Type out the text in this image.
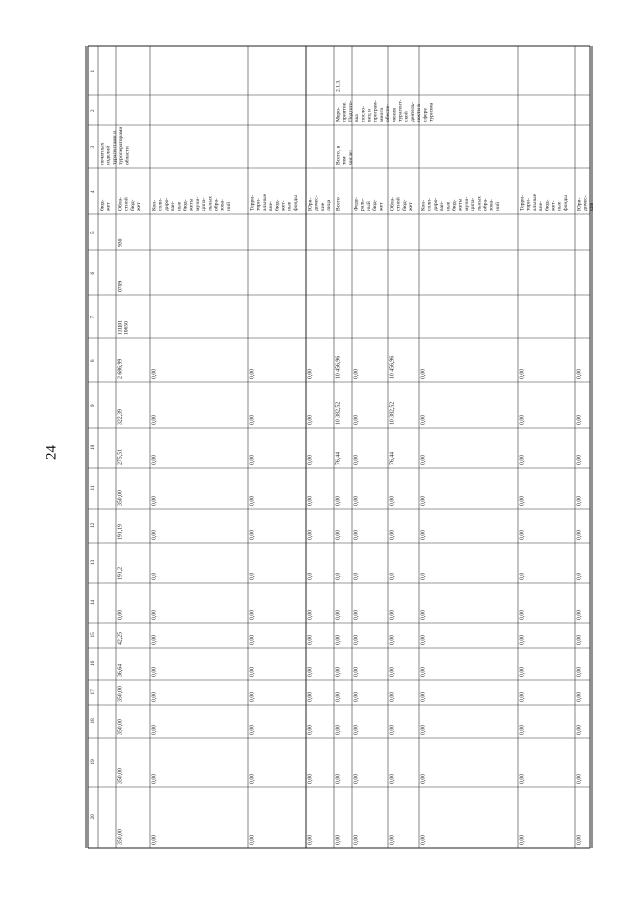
24
1
2
3
4
5
6
7
8
9
10
11
12
13
14
15
16
17
18
19
20
печатныхизделийтурагентами итуроператорамиобласти
бюд-жет Обла-стнойбюд-жет
930
0709
11Ц0110650
2 686,99
322,39
275,51
350,00
191,19
191,2
0,00
42,25
36,64
350,00
350,00
350,00
350,00
Кон-соли-диро-ван-ныебюд-жетымуни-ципа-льныхобра-зова-ний
0,00
0,00
0,00
0,00
0,00
0,0
0,00
0,00
0,00
0,00
0,00
0,00
0,00
Терри-тори-альныевне-бюд-жет-ныефонды
0,00
0,00
0,00
0,00
0,00
0,0
0,00
0,00
0,00
0,00
0,00
0,00
0,00
Юри-дичес-киелица
0,00
0,00
0,00
0,00
0,00
0,0
0,00
0,00
0,00
0,00
0,00
0,00
0,00
2.1.3.
Меро-приятие.Подгото-вкапосло-виц ипрограм-многообеспе-чениятурагент-скойдеятель-ности всферетуризма
Всего, втомчисле:
Всего
10 456,96
10 382,52
76,44
0,00
0,00
0,0
0,00
0,00
0,00
0,00
0,00
0,00
0,00
Феде-раль-ныйбюд-жет
0,00
0,00
0,00
0,00
0,00
0,0
0,00
0,00
0,00
0,00
0,00
0,00
0,00
Обла-стнойбюд-жет
10 456,96
10 382,52
76,44
0,00
0,00
0,0
0,00
0,00
0,00
0,00
0,00
0,00
0,00
Кон-соли-диро-ван-ныебюд-жетымуни-ципа-льныхобра-зова-ний
0,00
0,00
0,00
0,00
0,00
0,0
0,00
0,00
0,00
0,00
0,00
0,00
0,00
Терри-тори-альныевне-бюд-жет-ныефонды
0,00
0,00
0,00
0,00
0,00
0,0
0,00
0,00
0,00
0,00
0,00
0,00
0,00
Юри-дичес-кие
0,00
0,00
0,00
0,00
0,00
0,0
0,00
0,00
0,00
0,00
0,00
0,00
0,00
